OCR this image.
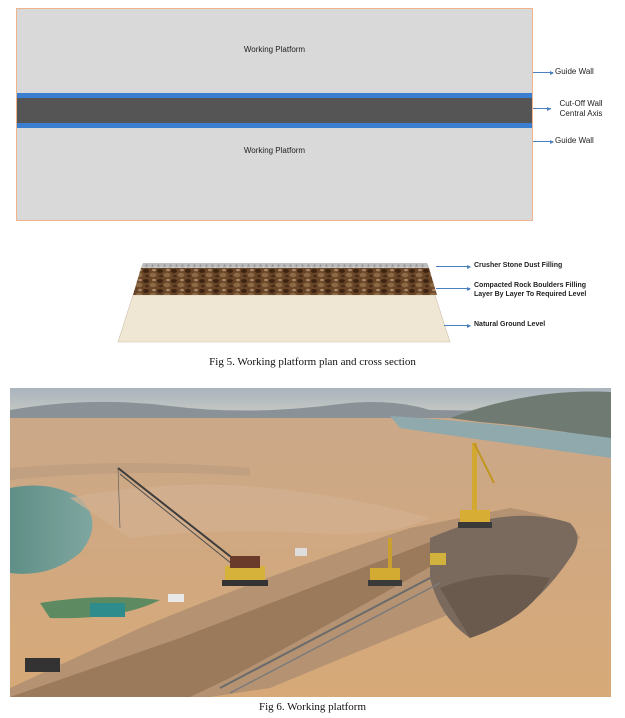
Working Platform
Working Platform
Guide Wall
Cut-Off Wall
Central Axis
Guide Wall
Crusher Stone Dust Filling
Compacted Rock Boulders Filling
Layer By Layer To Required Level
Natural Ground Level
Fig 5. Working platform plan and cross section
Fig 6. Working platform
